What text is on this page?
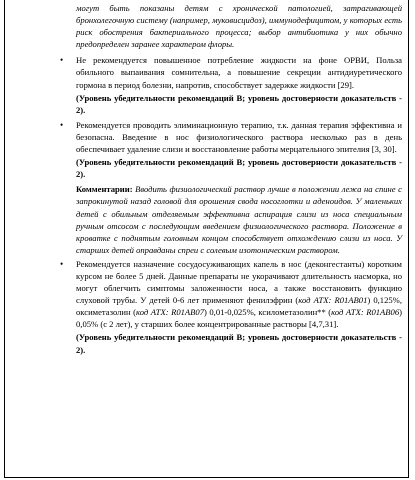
могут быть показаны детям с хронической патологией, затрагивающей бронхолегочную систему (например, муковисцидоз), иммунодефицитом, у которых есть риск обострения бактериального процесса; выбор антибиотика у них обычно предопределен заранее характером флоры.
• Не рекомендуется повышенное потребление жидкости на фоне ОРВИ, Польза обильного выпаивания сомнительна, а повышение секреции антидиуретического гормона в период болезни, напротив, способствует задержке жидкости [29].
(Уровень убедительности рекомендаций B; уровень достоверности доказательств - 2).
• Рекомендуется проводить элиминационную терапию, т.к. данная терапия эффективна и безопасна. Введение в нос физиологического раствора несколько раз в день обеспечивает удаление слизи и восстановление работы мерцательного эпителия [3, 30].
(Уровень убедительности рекомендаций B; уровень достоверности доказательств - 2).
Комментарии: Вводить физиологический раствор лучше в положении лежа на спине с запрокинутой назад головой для орошения свода носоглотки и аденоидов. У маленьких детей с обильным отделяемым эффективна аспирация слизи из носа специальным ручным отсосом с последующим введением физиологического раствора. Положение в кроватке с поднятым головным концом способствует отхождению слизи из носа. У старших детей оправданы спреи с солевым изотоническим раствором.
• Рекомендуется назначение сосудосуживающих капель в нос (деконгестанты) коротким курсом не более 5 дней. Данные препараты не укорачивают длительность насморка, но могут облегчить симптомы заложенности носа, а также восстановить функцию слуховой трубы. У детей 0-6 лет применяют фенилэфрин (код ATX: R01AB01) 0,125%, оксиметазолин (код ATX: R01AB07) 0,01-0,025%, ксилометазолин** (код ATX: R01AB06) 0,05% (с 2 лет), у старших более концентрированные растворы [4,7,31].
(Уровень убедительности рекомендаций B; уровень достоверности доказательств - 2).
